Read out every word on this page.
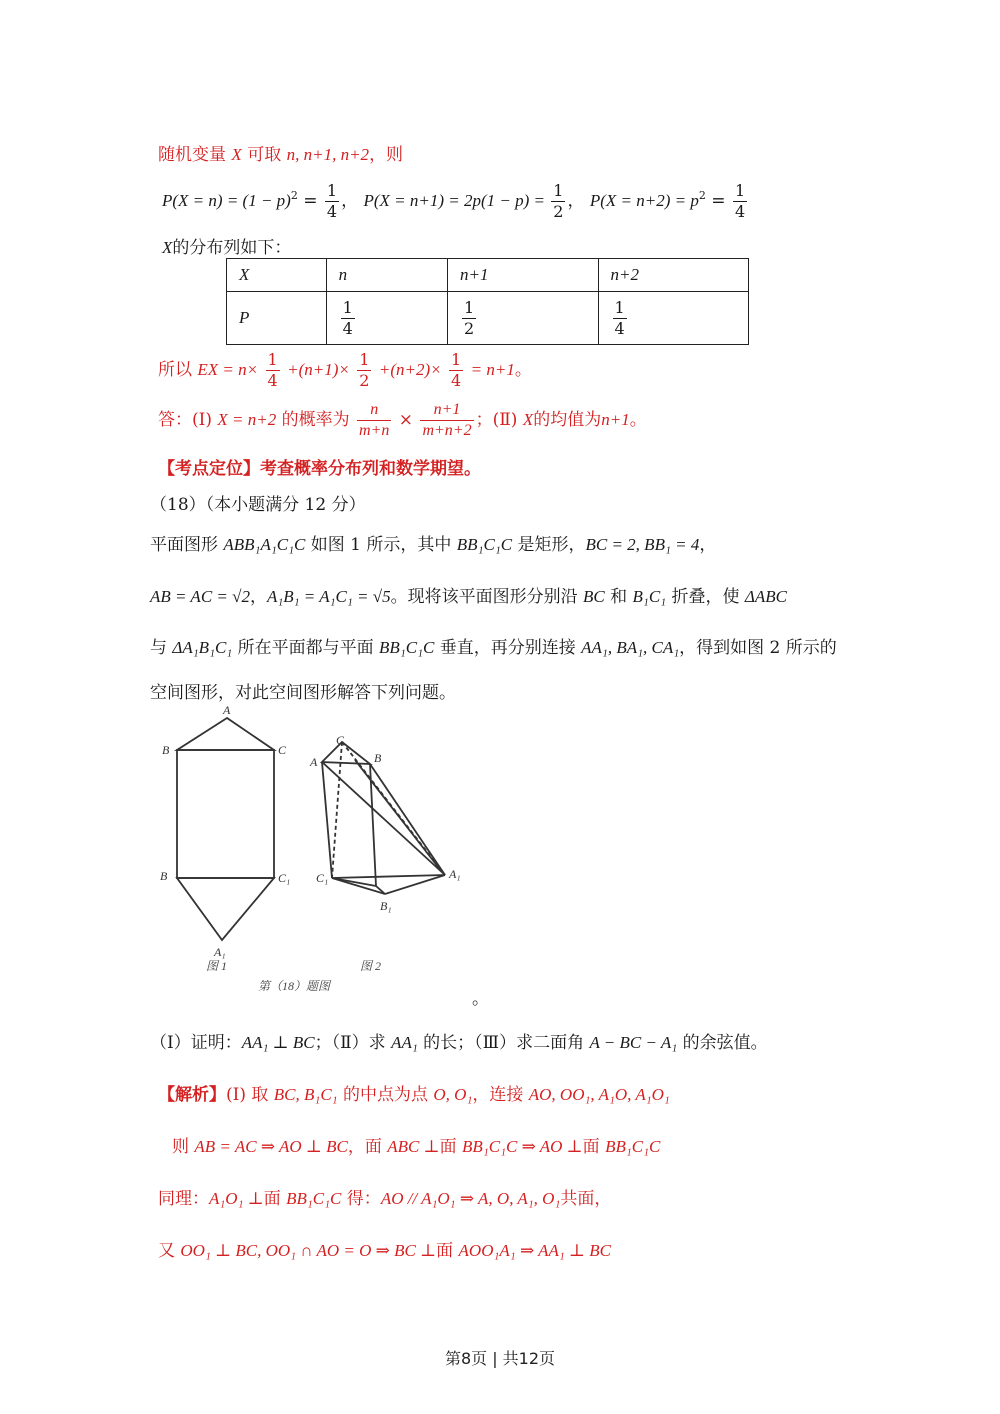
随机变量 X 可取 n, n+1, n+2，则
$P(X = n) = (1 - p)^2 = \frac{1}{4}$ ， $P(X = n+1) = 2p(1 - p) = \frac{1}{2}$ ， $P(X = n+2) = p^2 = \frac{1}{4}$
X的分布列如下：
X	n	n+1	n+2
P	$\frac{1}{4}$	$\frac{1}{2}$	$\frac{1}{4}$
所以 EX = $n\times \frac{1}{4} +(n+1)\times \frac{1}{2} +(n+2)\times \frac{1}{4} = n+1$。
答：(Ⅰ) X = n+2 的概率为 $\frac{n}{m+n} \times \frac{n+1}{m+n+2}$ ；(Ⅱ) X的均值为n+1。
【考点定位】考查概率分布列和数学期望。
（18）（本小题满分 12 分）
平面图形 ABB₁A₁C₁C 如图 1 所示，其中 BB₁C₁C 是矩形，BC = 2, BB₁ = 4，
AB = AC = √2，A₁B₁ = A₁C₁ = √5。现将该平面图形分别沿 BC 和 B₁C₁ 折叠，使 ΔABC
与 ΔA₁B₁C₁ 所在平面都与平面 BB₁C₁C 垂直，再分别连接 AA₁, BA₁, CA₁，得到如图 2 所示的
空间图形，对此空间图形解答下列问题。
A
B	C
B	C₁
A₁
C
A	B
C₁
B₁
A₁
图 1	图 2
第（18）题图
。
（Ⅰ）证明：AA₁ ⊥ BC；（Ⅱ）求 AA₁ 的长；（Ⅲ）求二面角 A − BC − A₁ 的余弦值。
【解析】(Ⅰ) 取 BC, B₁C₁ 的中点为点 O, O₁，连接 AO, OO₁, A₁O, A₁O₁
则 AB = AC ⇒ AO ⊥ BC，面 ABC ⊥面 BB₁C₁C ⇒ AO ⊥面 BB₁C₁C
同理：A₁O₁ ⊥面 BB₁C₁C 得：AO // A₁O₁ ⇒ A, O, A₁, O₁共面，
又 OO₁ ⊥ BC, OO₁ ∩ AO = O ⇒ BC ⊥面 AOO₁A₁ ⇒ AA₁ ⊥ BC
第8页 | 共12页
